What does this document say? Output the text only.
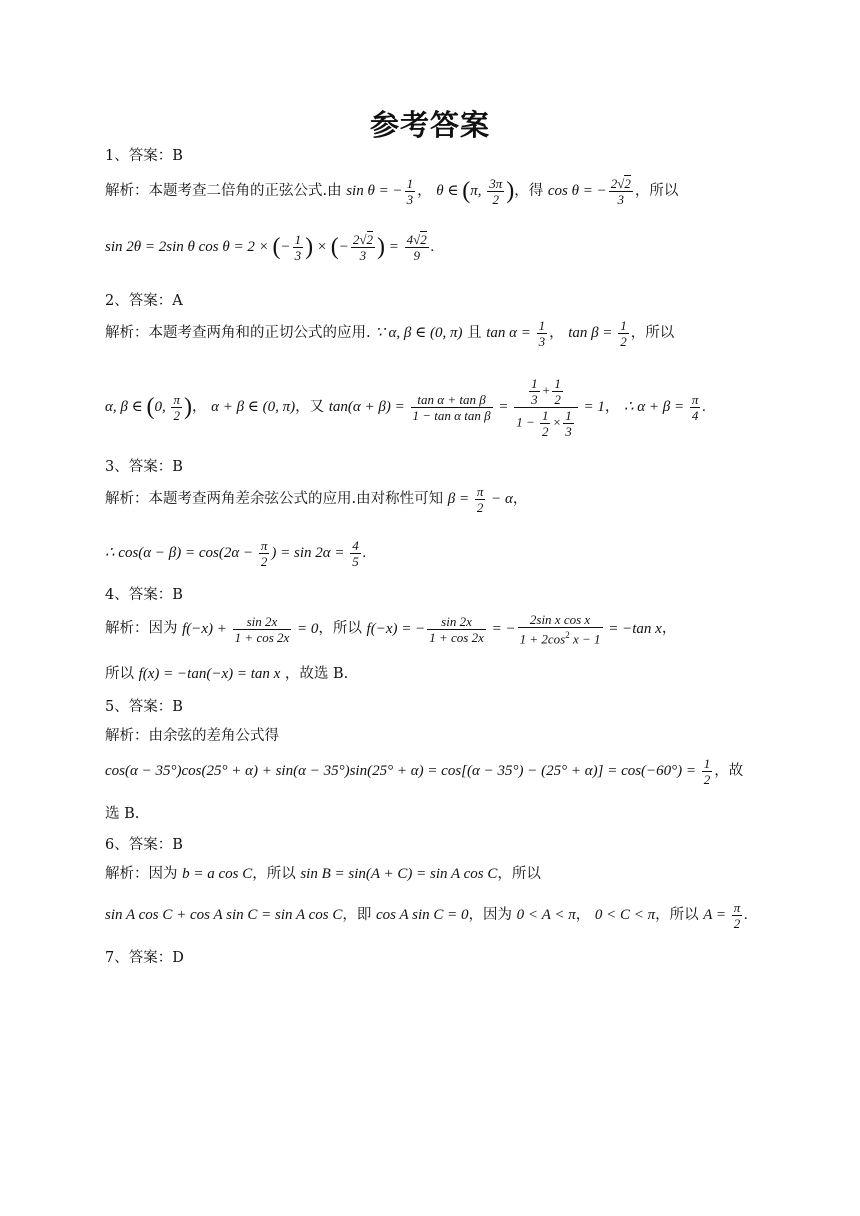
参考答案
1、答案：B
解析：本题考查二倍角的正弦公式.由 sin θ = − $\frac{1}{3}$ ， θ ∈ (π, $\frac{3\pi}{2}$ )，得 cos θ = − $\frac{2√2}{3}$ ，所以
sin 2θ = 2sin θ cos θ = 2 × (− $\frac{1}{3}$ ) × (− $\frac{2√2}{3}$ ) = $\frac{4√2}{9}$ .
2、答案：A
解析：本题考查两角和的正切公式的应用. ∵ α, β ∈ (0, π) 且 $\tan \alpha = \frac{1}{3}$ ， $\tan \beta = \frac{1}{2}$ ，所以
α, β ∈ (0, $\frac{\pi}{2}$ )， α + β ∈ (0, π)，又 $\tan(\alpha + \beta) = \frac{\text{tan α + tan β}}{\text{1 − tan α tan β}} = \frac{\frac{1}{3} + \frac{1}{2}}{1 - \frac{1}{2} \times \frac{1}{3}} = 1$， ∴ $\alpha + \beta = \frac{\pi}{4}$ .
3、答案：B
解析：本题考查两角差余弦公式的应用.由对称性可知 $\beta = \frac{\pi}{2} - \alpha$，
∴ $\cos(\alpha - \beta) = \cos(2\alpha - \frac{\pi}{2}$ ) = $\sin 2\alpha = \frac{4}{5}$ .
4、答案：B
解析：因为 $f(-x) + \frac{\sin 2x}{1 + \cos 2x} = 0$，所以 f(−x) = − $\frac{\sin 2x}{1 + \cos 2x}$ = − $\frac{\text{2sin x cos x}}{1 + 2\cos^2 x - 1} = -\tan$ x，
所以 f(x) = −tan(−x) = tan x ，故选 B.
5、答案：B
解析：由余弦的差角公式得
$\cos(\alpha - 35^\circ)\cos(25^\circ + \alpha) + \sin(\alpha - 35^\circ)\sin(25^\circ + \alpha) = \cos[(\alpha - 35^\circ) - (25^\circ + \alpha)] = \cos(-60^\circ) = \frac{1}{2}$ ，故
选 B.
6、答案：B
解析：因为 b = a cos C，所以 sin B = sin(A + C) = sin A cos C，所以
sin A cos C + cos A sin C = sin A cos C，即 cos A sin C = 0，因为 0 < A < π， 0 < C < π，所以 $A = \frac{\pi}{2}$ .
7、答案：D
